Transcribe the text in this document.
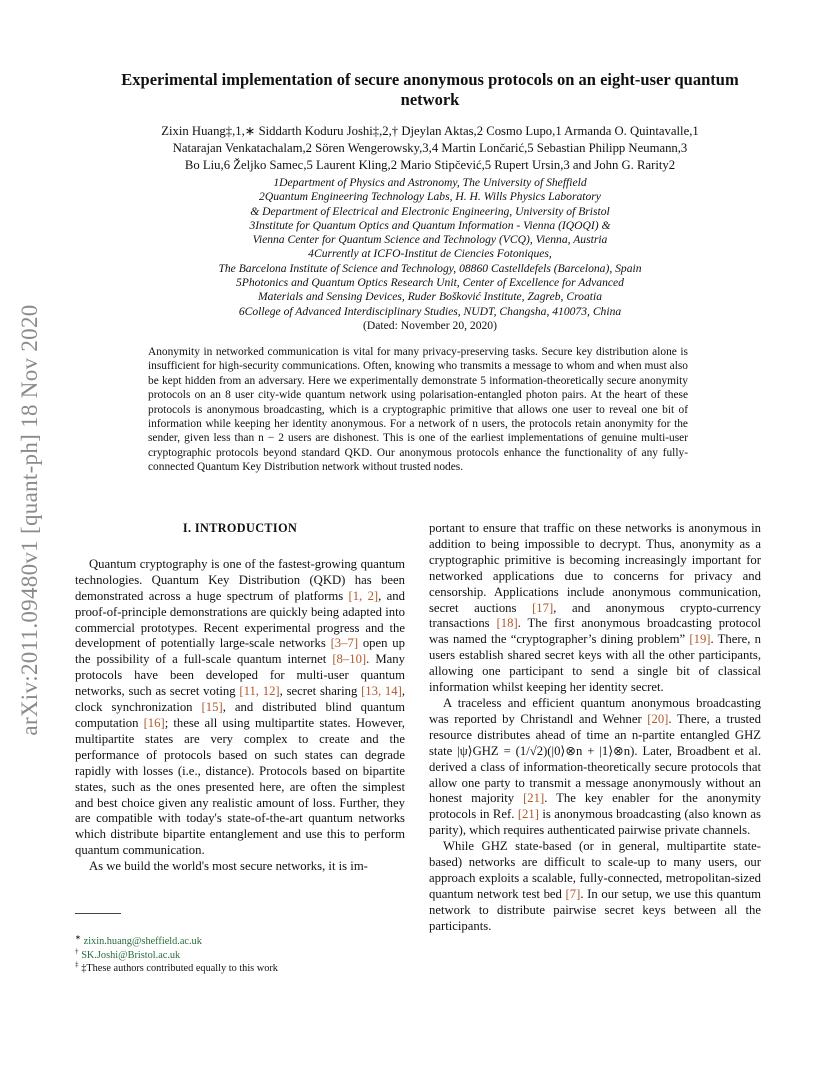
arXiv:2011.09480v1 [quant-ph] 18 Nov 2020
Experimental implementation of secure anonymous protocols on an eight-user quantum network
Zixin Huang‡,1,∗ Siddarth Koduru Joshi‡,2,† Djeylan Aktas,2 Cosmo Lupo,1 Armanda O. Quintavalle,1
Natarajan Venkatachalam,2 Sören Wengerowsky,3,4 Martin Lončarić,5 Sebastian Philipp Neumann,3
Bo Liu,6 Željko Samec,5 Laurent Kling,2 Mario Stipčević,5 Rupert Ursin,3 and John G. Rarity2
1Department of Physics and Astronomy, The University of Sheffield
2Quantum Engineering Technology Labs, H. H. Wills Physics Laboratory
& Department of Electrical and Electronic Engineering, University of Bristol
3Institute for Quantum Optics and Quantum Information - Vienna (IQOQI) &
Vienna Center for Quantum Science and Technology (VCQ), Vienna, Austria
4Currently at ICFO-Institut de Ciencies Fotoniques,
The Barcelona Institute of Science and Technology, 08860 Castelldefels (Barcelona), Spain
5Photonics and Quantum Optics Research Unit, Center of Excellence for Advanced
Materials and Sensing Devices, Ruder Bošković Institute, Zagreb, Croatia
6College of Advanced Interdisciplinary Studies, NUDT, Changsha, 410073, China
(Dated: November 20, 2020)
Anonymity in networked communication is vital for many privacy-preserving tasks. Secure key distribution alone is insufficient for high-security communications. Often, knowing who transmits a message to whom and when must also be kept hidden from an adversary. Here we experimentally demonstrate 5 information-theoretically secure anonymity protocols on an 8 user city-wide quantum network using polarisation-entangled photon pairs. At the heart of these protocols is anonymous broadcasting, which is a cryptographic primitive that allows one user to reveal one bit of information while keeping her identity anonymous. For a network of n users, the protocols retain anonymity for the sender, given less than n − 2 users are dishonest. This is one of the earliest implementations of genuine multi-user cryptographic protocols beyond standard QKD. Our anonymous protocols enhance the functionality of any fully-connected Quantum Key Distribution network without trusted nodes.
I. INTRODUCTION

Quantum cryptography is one of the fastest-growing quantum technologies. Quantum Key Distribution (QKD) has been demonstrated across a huge spectrum of platforms [1, 2], and proof-of-principle demonstrations are quickly being adapted into commercial prototypes. Recent experimental progress and the development of potentially large-scale networks [3–7] open up the possibility of a full-scale quantum internet [8–10]. Many protocols have been developed for multi-user quantum networks, such as secret voting [11, 12], secret sharing [13, 14], clock synchronization [15], and distributed blind quantum computation [16]; these all using multipartite states. However, multipartite states are very complex to create and the performance of protocols based on such states can degrade rapidly with losses (i.e., distance). Protocols based on bipartite states, such as the ones presented here, are often the simplest and best choice given any realistic amount of loss. Further, they are compatible with today's state-of-the-art quantum networks which distribute bipartite entanglement and use this to perform quantum communication.

As we build the world's most secure networks, it is im-

∗ zixin.huang@sheffield.ac.uk
† SK.Joshi@Bristol.ac.uk
‡ ‡These authors contributed equally to this work

portant to ensure that traffic on these networks is anonymous in addition to being impossible to decrypt. Thus, anonymity as a cryptographic primitive is becoming increasingly important for networked applications due to concerns for privacy and censorship. Applications include anonymous communication, secret auctions [17], and anonymous crypto-currency transactions [18]. The first anonymous broadcasting protocol was named the “cryptographer’s dining problem” [19]. There, n users establish shared secret keys with all the other participants, allowing one participant to send a single bit of classical information whilst keeping her identity secret.

A traceless and efficient quantum anonymous broadcasting was reported by Christandl and Wehner [20]. There, a trusted resource distributes ahead of time an n-partite entangled GHZ state |ψ⟩GHZ = (1/√2)(|0⟩⊗n + |1⟩⊗n). Later, Broadbent et al. derived a class of information-theoretically secure protocols that allow one party to transmit a message anonymously without an honest majority [21]. The key enabler for the anonymity protocols in Ref. [21] is anonymous broadcasting (also known as parity), which requires authenticated pairwise private channels.

While GHZ state-based (or in general, multipartite state-based) networks are difficult to scale-up to many users, our approach exploits a scalable, fully-connected, metropolitan-sized quantum network test bed [7]. In our setup, we use this quantum network to distribute pairwise secret keys between all the participants.
